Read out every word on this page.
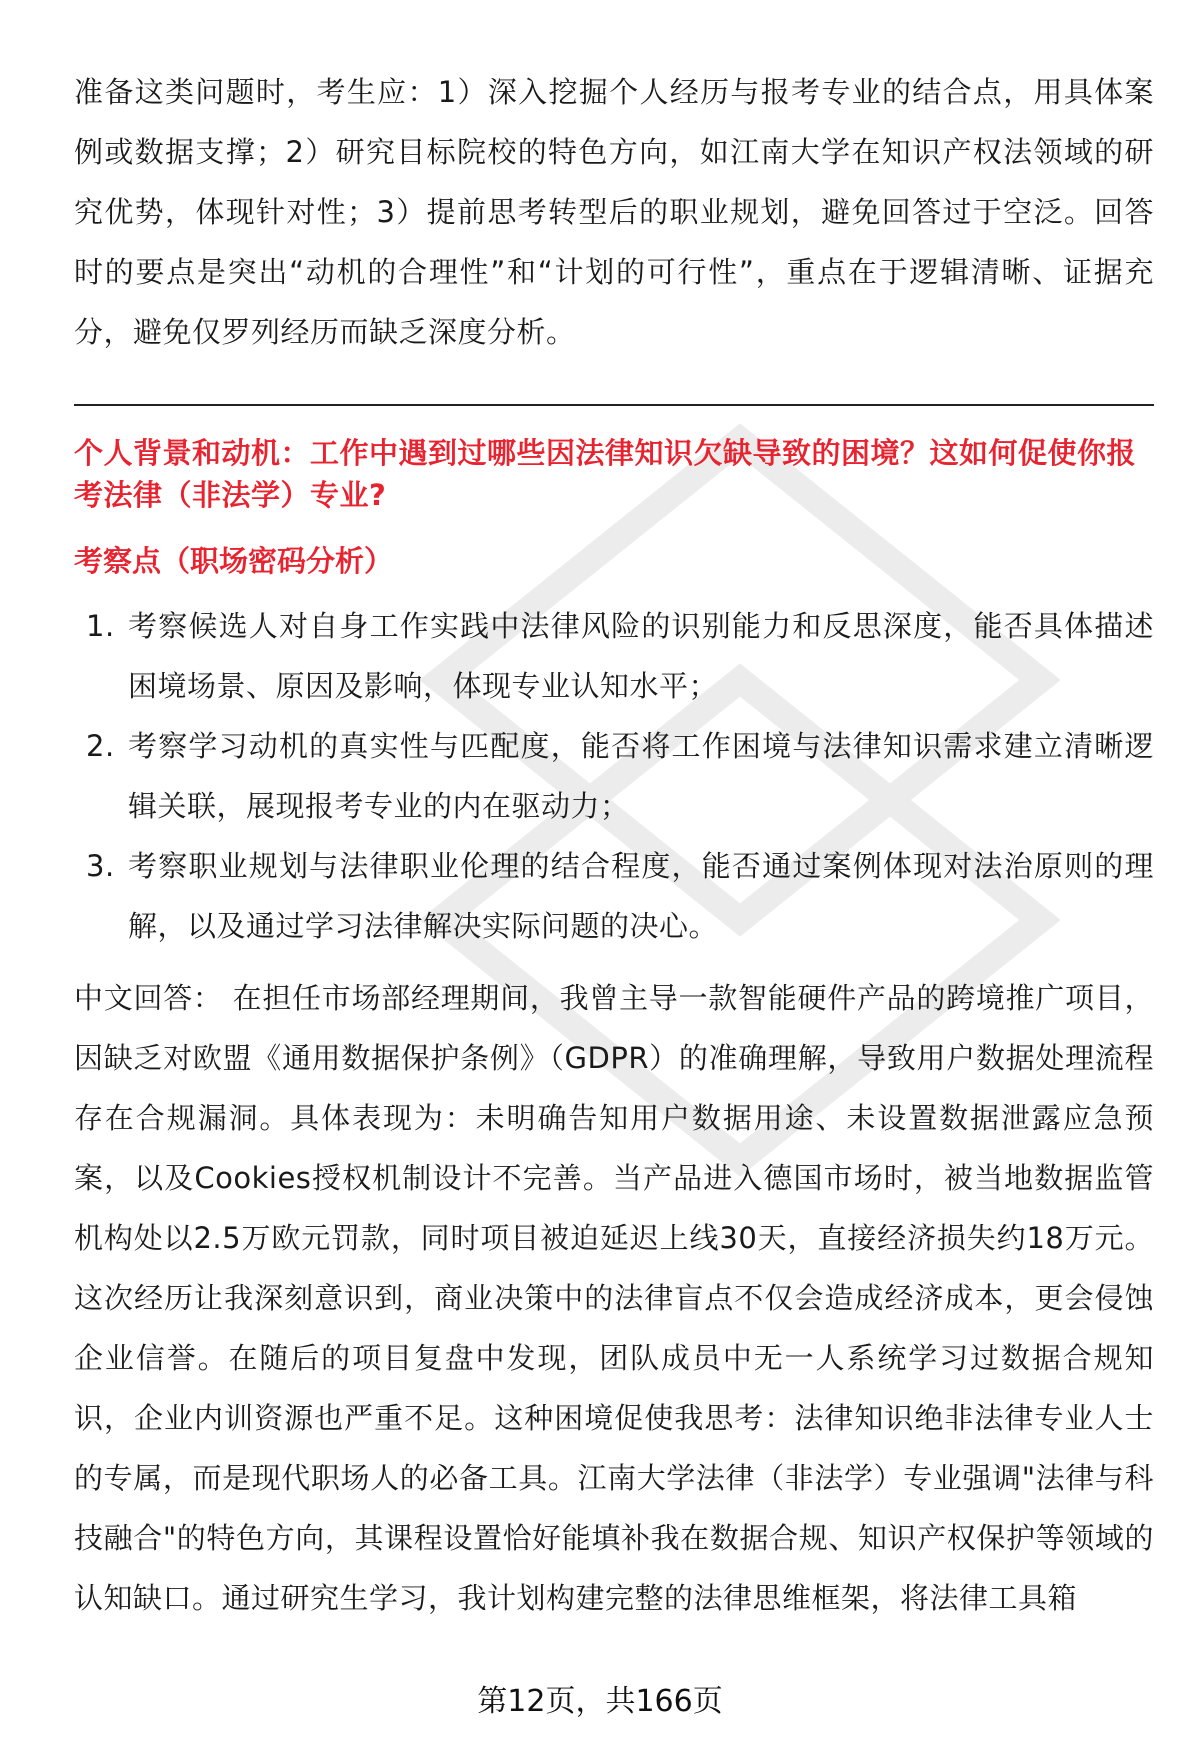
准备这类问题时，考生应：1）深入挖掘个人经历与报考专业的结合点，用具体案例或数据支撑；2）研究目标院校的特色方向，如江南大学在知识产权法领域的研究优势，体现针对性；3）提前思考转型后的职业规划，避免回答过于空泛。回答时的要点是突出“动机的合理性”和“计划的可行性”，重点在于逻辑清晰、证据充分，避免仅罗列经历而缺乏深度分析。

个人背景和动机：工作中遇到过哪些因法律知识欠缺导致的困境？这如何促使你报考法律（非法学）专业?
考察点（职场密码分析）
1. 考察候选人对自身工作实践中法律风险的识别能力和反思深度，能否具体描述困境场景、原因及影响，体现专业认知水平；
2. 考察学习动机的真实性与匹配度，能否将工作困境与法律知识需求建立清晰逻辑关联，展现报考专业的内在驱动力；
3. 考察职业规划与法律职业伦理的结合程度，能否通过案例体现对法治原则的理解，以及通过学习法律解决实际问题的决心。

中文回答： 在担任市场部经理期间，我曾主导一款智能硬件产品的跨境推广项目，因缺乏对欧盟《通用数据保护条例》（GDPR）的准确理解，导致用户数据处理流程存在合规漏洞。具体表现为：未明确告知用户数据用途、未设置数据泄露应急预案，以及Cookies授权机制设计不完善。当产品进入德国市场时，被当地数据监管机构处以2.5万欧元罚款，同时项目被迫延迟上线30天，直接经济损失约18万元。这次经历让我深刻意识到，商业决策中的法律盲点不仅会造成经济成本，更会侵蚀企业信誉。在随后的项目复盘中发现，团队成员中无一人系统学习过数据合规知识，企业内训资源也严重不足。这种困境促使我思考：法律知识绝非法律专业人士的专属，而是现代职场人的必备工具。江南大学法律（非法学）专业强调"法律与科技融合"的特色方向，其课程设置恰好能填补我在数据合规、知识产权保护等领域的认知缺口。通过研究生学习，我计划构建完整的法律思维框架，将法律工具箱

第12页，共166页
